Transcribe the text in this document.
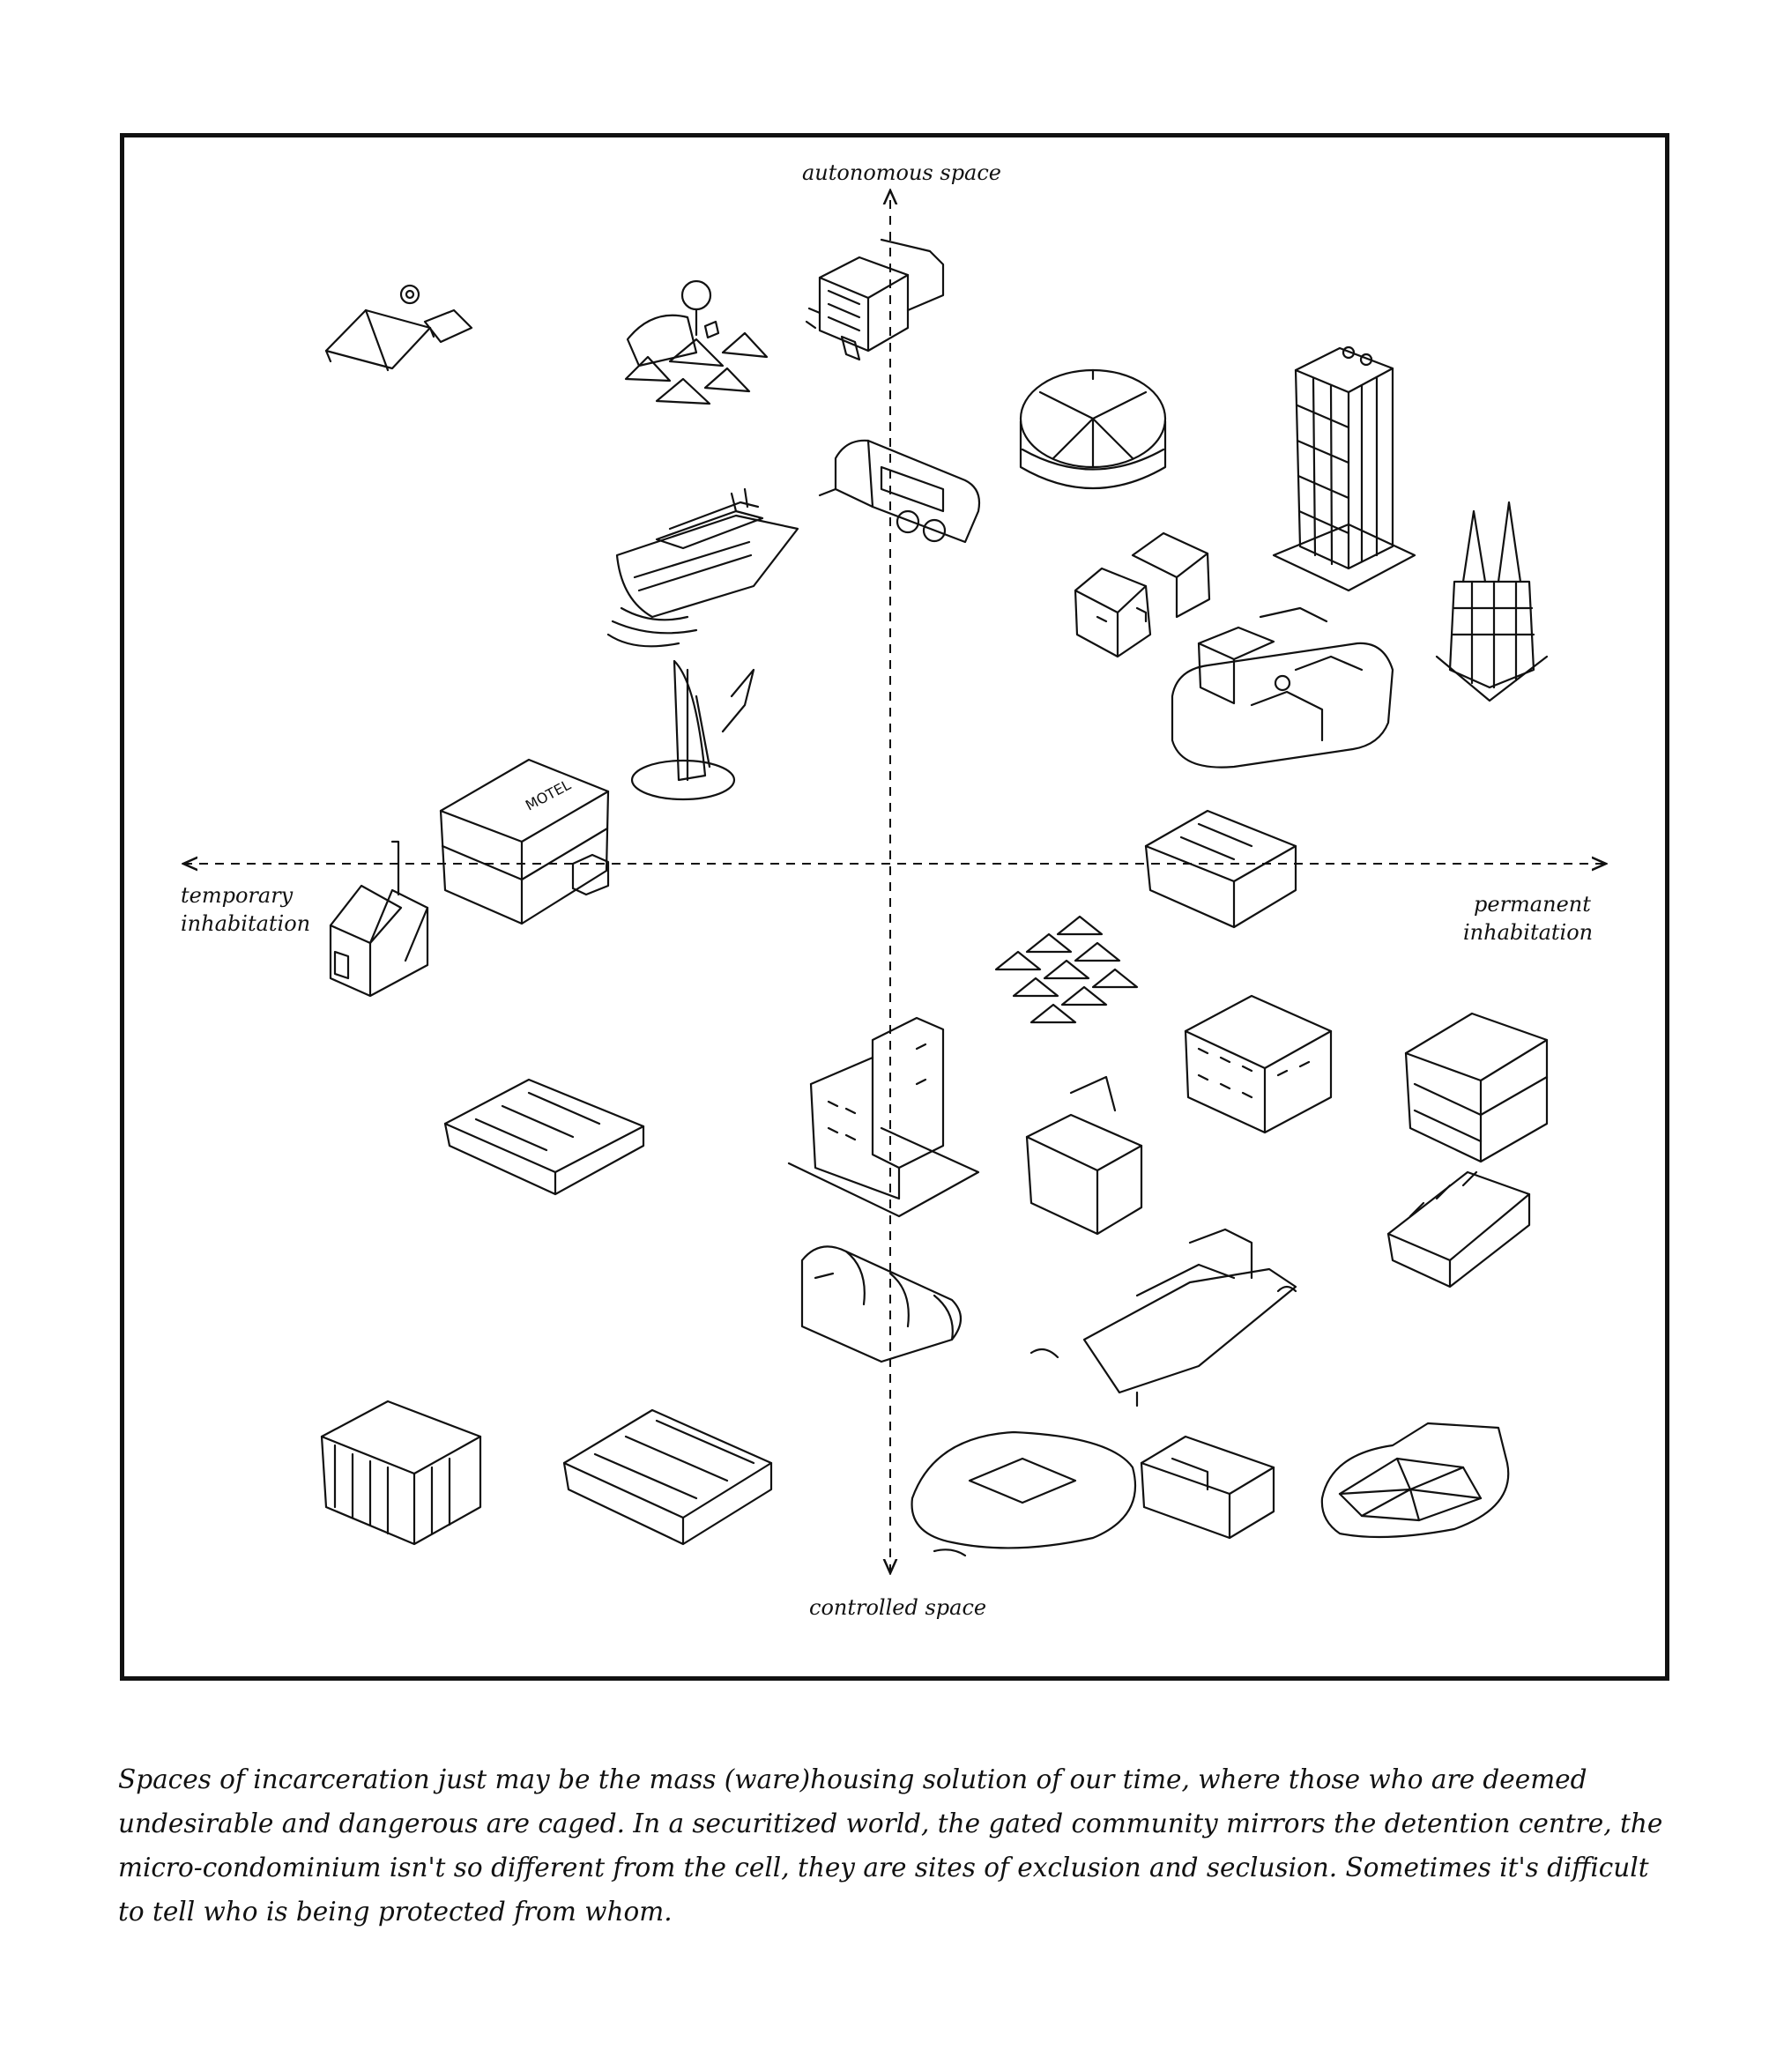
MOTEL
autonomous space
controlled space
temporary
inhabitation
permanent
inhabitation
Spaces of incarceration just may be the mass (ware)housing solution of our time, where those who are deemed undesirable and dangerous are caged. In a securitized world, the gated community mirrors the detention centre, the micro-condominium isn't so different from the cell, they are sites of exclusion and seclusion. Sometimes it's difficult to tell who is being protected from whom.
